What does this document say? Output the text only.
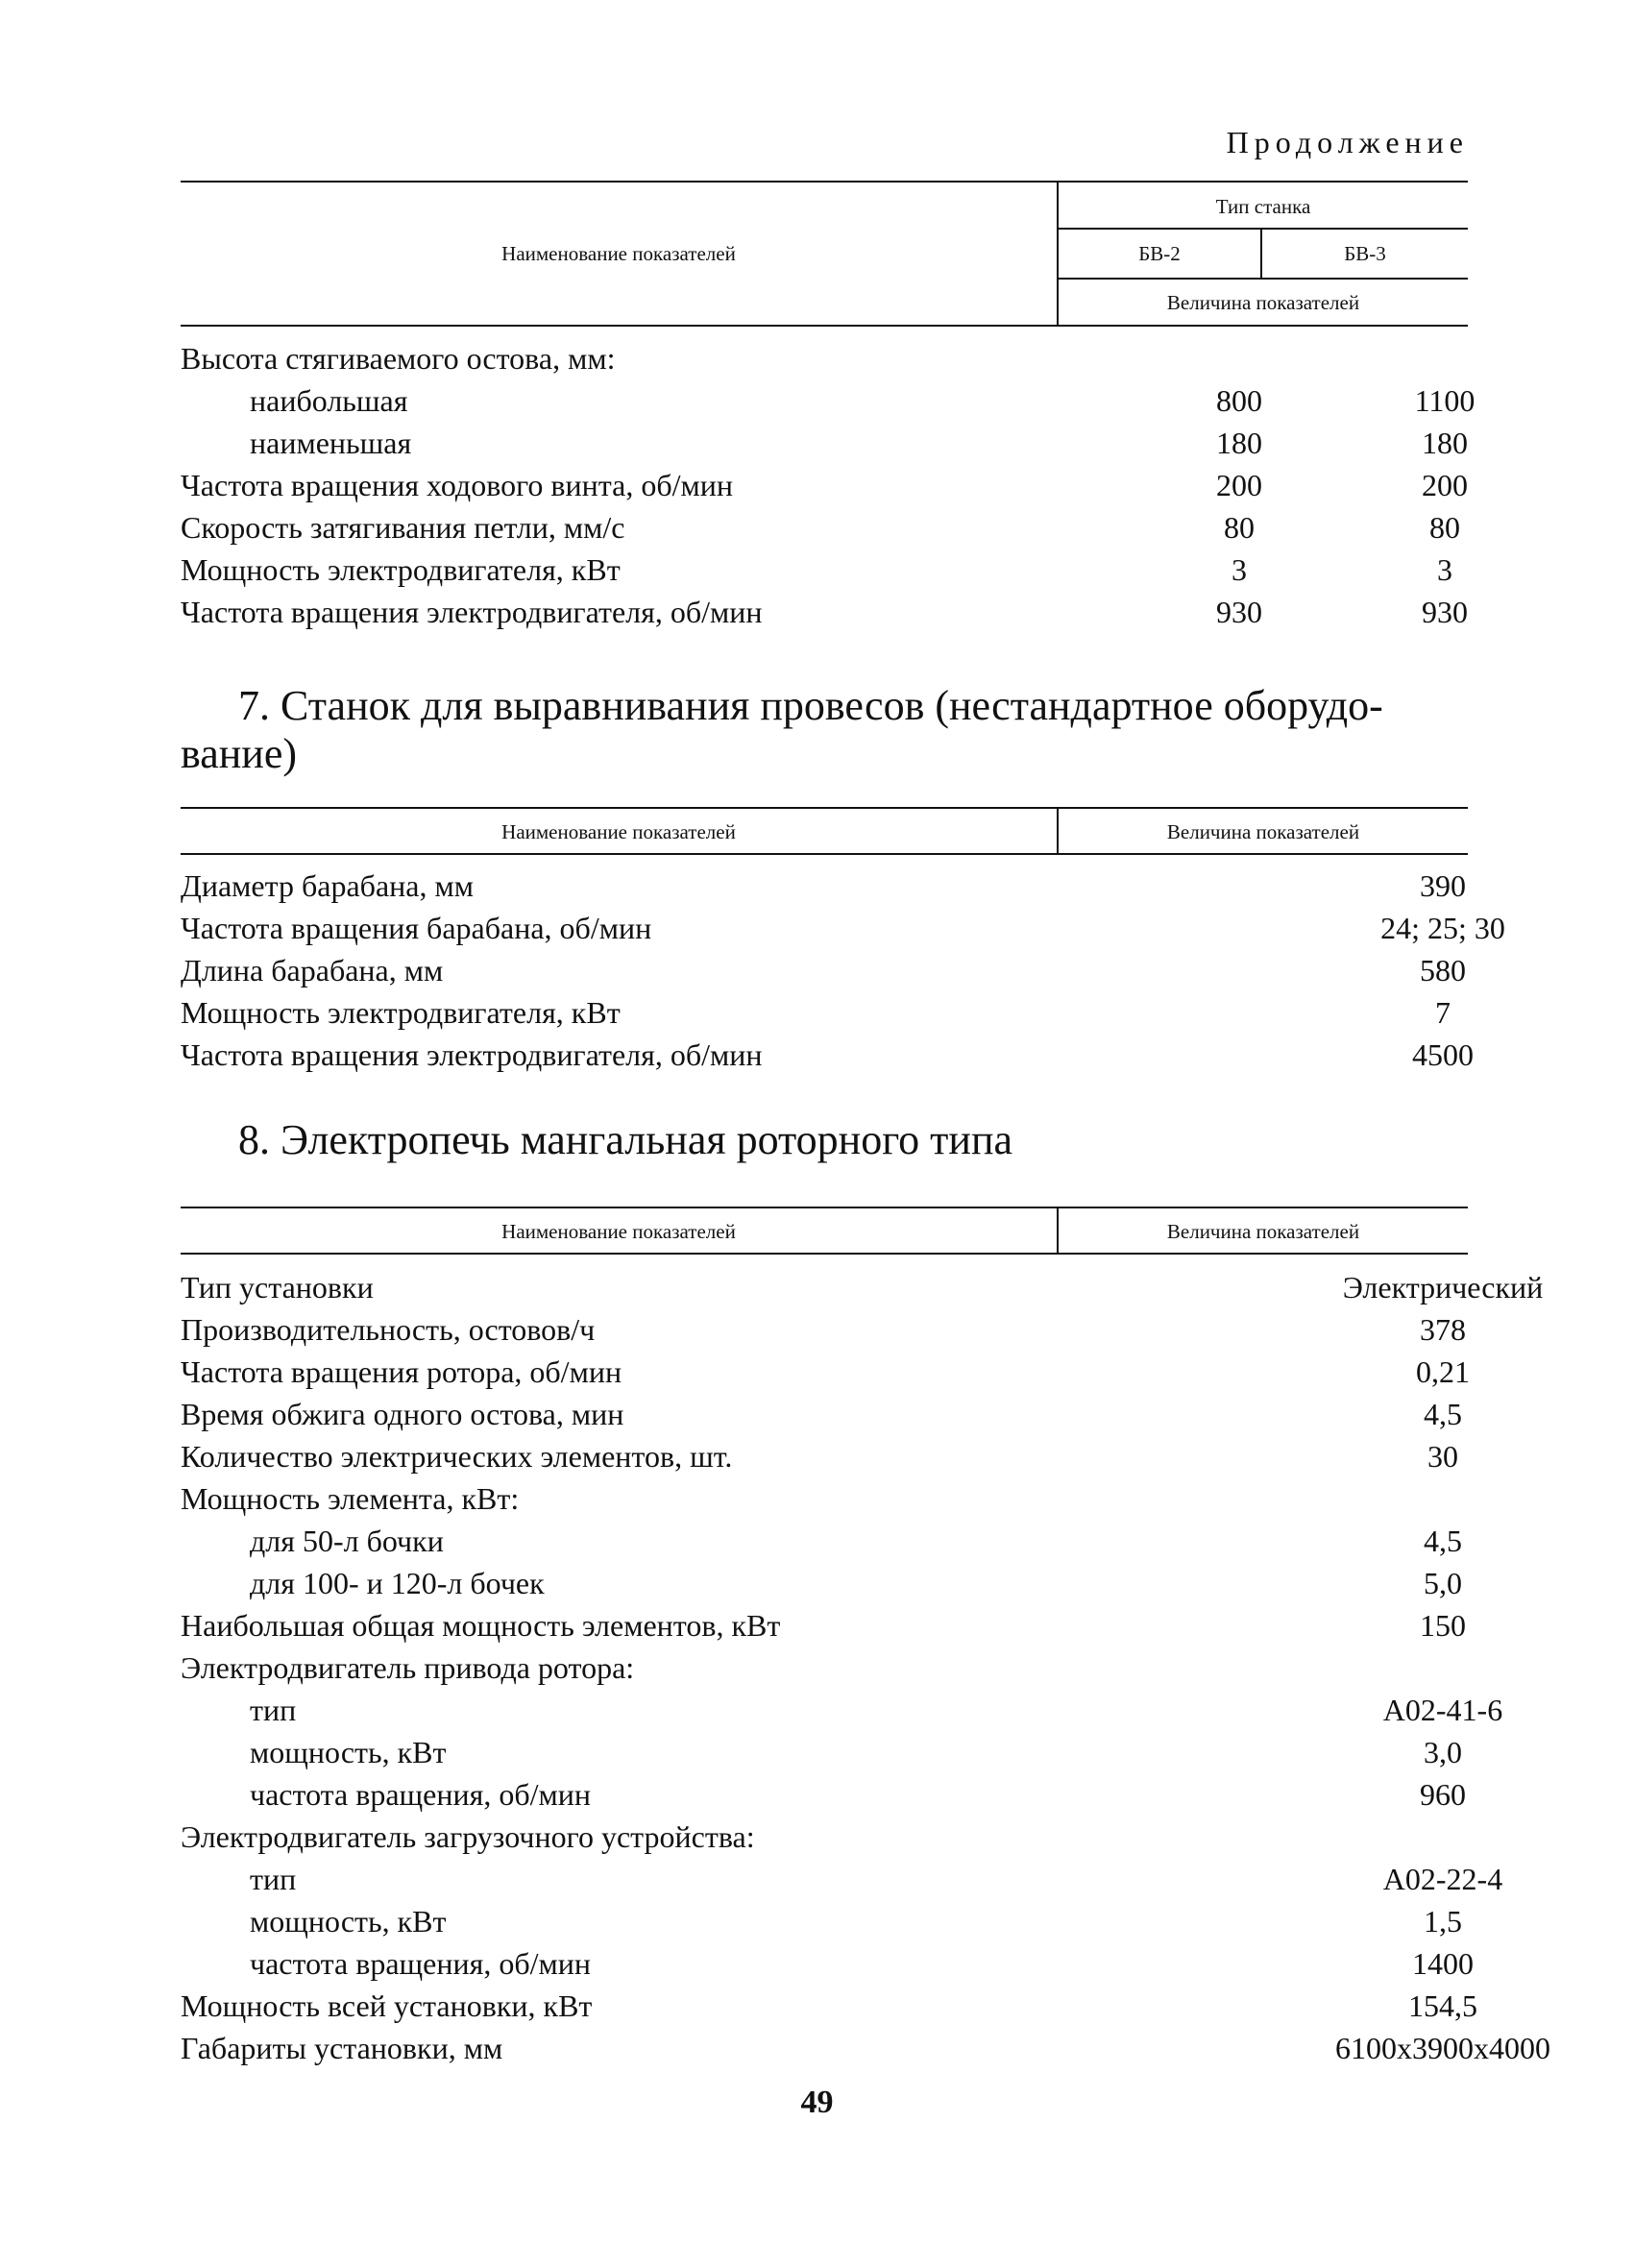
Продолжение
Наименование показателей
Тип станка
БВ-2	БВ-3
Величина показателей
Высота стягиваемого остова, мм:
наибольшая	800	1100
наименьшая	180	180
Частота вращения ходового винта, об/мин	200	200
Скорость затягивания петли, мм/с	80	80
Мощность электродвигателя, кВт	3	3
Частота вращения электродвигателя, об/мин	930	930
7. Станок для выравнивания провесов (нестандартное оборудо-
вание)
Наименование показателей	Величина показателей
Диаметр барабана, мм	390
Частота вращения барабана, об/мин	24; 25; 30
Длина барабана, мм	580
Мощность электродвигателя, кВт	7
Частота вращения электродвигателя, об/мин	4500
8. Электропечь мангальная роторного типа
Наименование показателей	Величина показателей
Тип установки	Электрический
Производительность, остовов/ч	378
Частота вращения ротора, об/мин	0,21
Время обжига одного остова, мин	4,5
Количество электрических элементов, шт.	30
Мощность элемента, кВт:
для 50-л бочки	4,5
для 100- и 120-л бочек	5,0
Наибольшая общая мощность элементов, кВт	150
Электродвигатель привода ротора:
тип	А02-41-6
мощность, кВт	3,0
частота вращения, об/мин	960
Электродвигатель загрузочного устройства:
тип	А02-22-4
мощность, кВт	1,5
частота вращения, об/мин	1400
Мощность всей установки, кВт	154,5
Габариты установки, мм	6100x3900x4000
49
